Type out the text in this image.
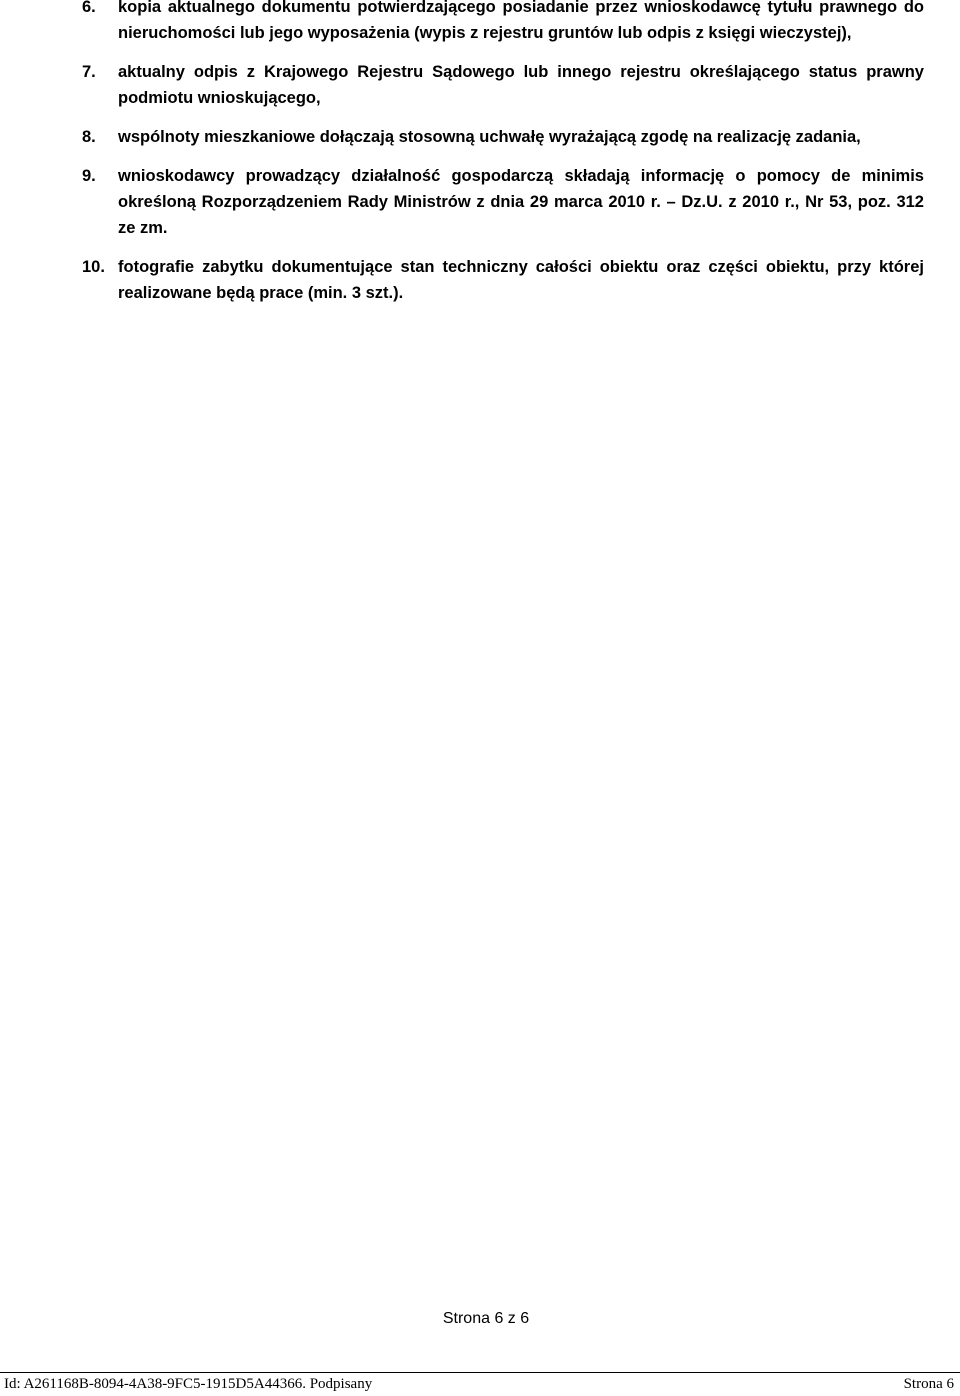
6.	kopia aktualnego dokumentu potwierdzającego posiadanie przez wnioskodawcę tytułu prawnego do nieruchomości lub jego wyposażenia (wypis z rejestru gruntów lub odpis z księgi wieczystej),
7.	aktualny odpis z Krajowego Rejestru Sądowego lub innego rejestru określającego status prawny podmiotu wnioskującego,
8.	wspólnoty mieszkaniowe dołączają stosowną uchwałę wyrażającą zgodę na realizację zadania,
9.	wnioskodawcy prowadzący działalność gospodarczą składają informację o pomocy de minimis określoną Rozporządzeniem Rady Ministrów z dnia 29 marca 2010 r. – Dz.U. z 2010 r., Nr 53, poz. 312 ze zm.
10. fotografie zabytku dokumentujące stan techniczny całości obiektu oraz części obiektu, przy której realizowane będą prace (min. 3 szt.).
Strona 6 z 6
Id: A261168B-8094-4A38-9FC5-1915D5A44366. Podpisany	Strona 6
